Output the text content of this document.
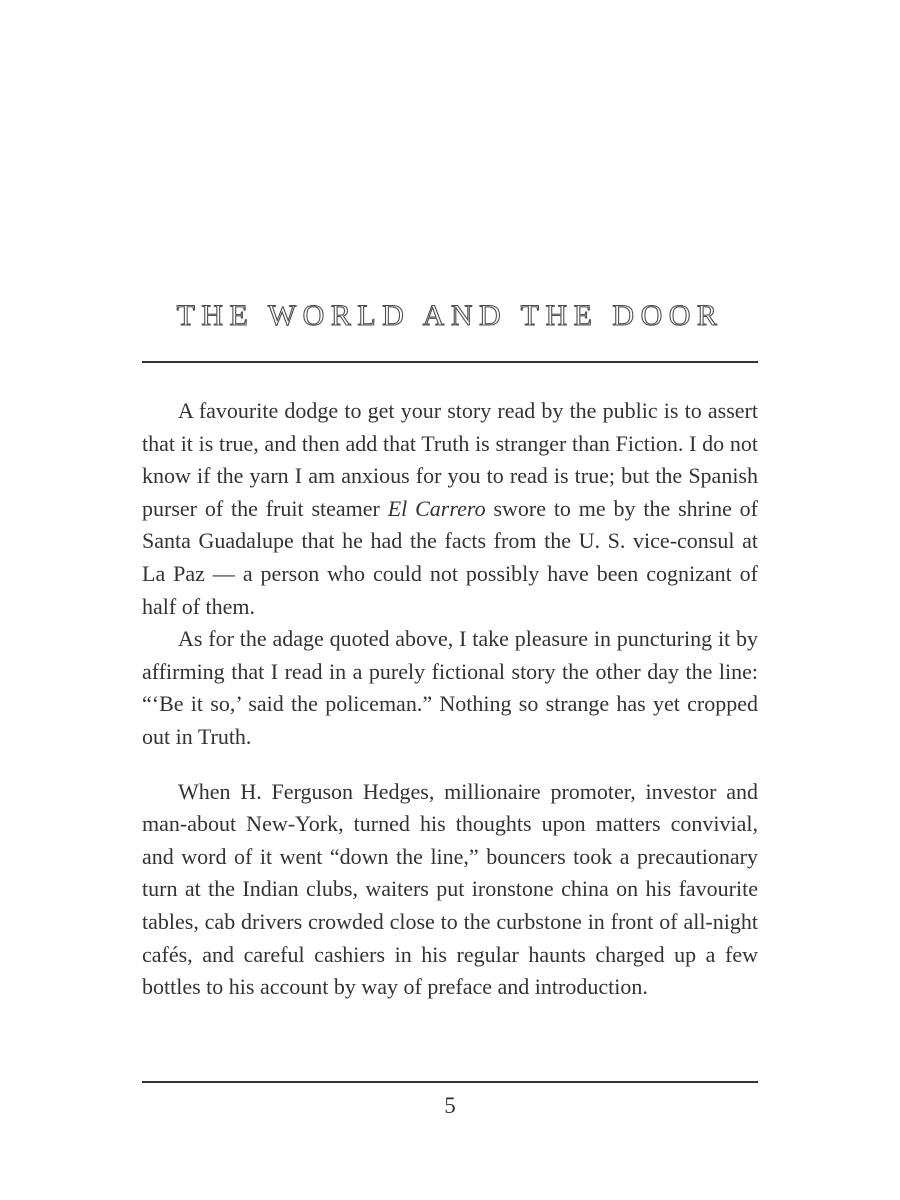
THE WORLD AND THE DOOR

A favourite dodge to get your story read by the public is to assert that it is true, and then add that Truth is stranger than Fiction. I do not know if the yarn I am anxious for you to read is true; but the Spanish purser of the fruit steamer El Carrero swore to me by the shrine of Santa Guadalupe that he had the facts from the U. S. vice-consul at La Paz — a person who could not possibly have been cognizant of half of them.

As for the adage quoted above, I take pleasure in puncturing it by affirming that I read in a purely fictional story the other day the line: “‘Be it so,’ said the policeman.” Nothing so strange has yet cropped out in Truth.

When H. Ferguson Hedges, millionaire promoter, investor and man-about New-York, turned his thoughts upon matters convivial, and word of it went “down the line,” bouncers took a precautionary turn at the Indian clubs, waiters put ironstone china on his favourite tables, cab drivers crowded close to the curbstone in front of all-night cafés, and careful cashiers in his regular haunts charged up a few bottles to his account by way of preface and introduction.

5
